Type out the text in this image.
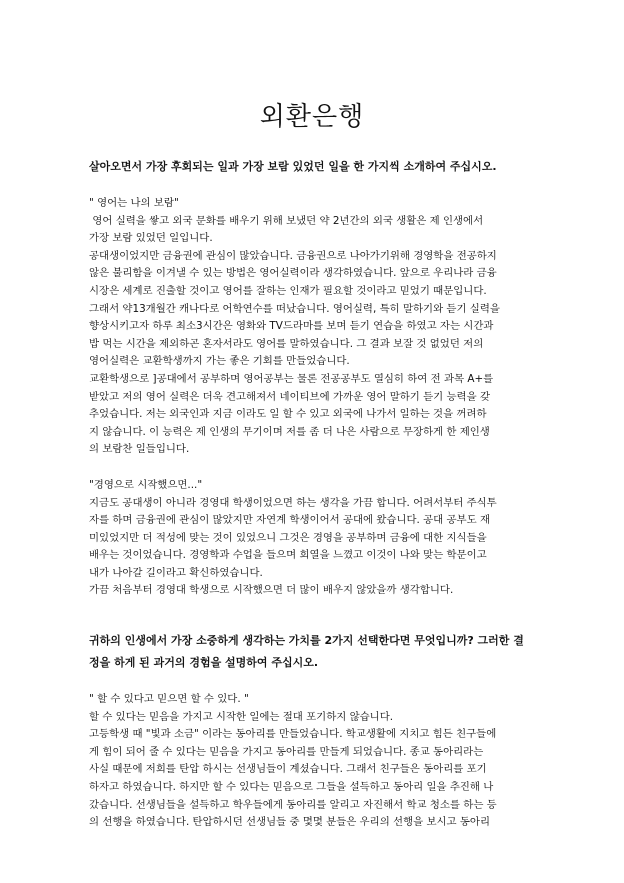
외환은행

살아오면서 가장 후회되는 일과 가장 보람 있었던 일을 한 가지씩 소개하여 주십시오.

" 영어는 나의 보람"

영어 실력을 쌓고 외국 문화를 배우기 위해 보냈던 약 2년간의 외국 생활은 제 인생에서

가장 보람 있었던 일입니다.

공대생이었지만 금융권에 관심이 많았습니다. 금융권으로 나아가기위해 경영학을 전공하지

않은 불리함을 이겨낼 수 있는 방법은 영어실력이라 생각하였습니다. 앞으로 우리나라 금융

시장은 세계로 진출할 것이고 영어를 잘하는 인재가 필요할 것이라고 믿었기 때문입니다.

그래서 약13개월간 캐나다로 어학연수를 떠났습니다. 영어실력, 특히 말하기와 듣기 실력을

향상시키고자 하루 최소3시간은 영화와 TV드라마를 보며 듣기 연습을 하였고 자는 시간과

밥 먹는 시간을 제외하곤 혼자서라도 영어를 말하였습니다. 그 결과 보잘 것 없었던 저의

영어실력은 교환학생까지 가는 좋은 기회를 만들었습니다.

교환학생으로 ]공대에서 공부하며 영어공부는 물론 전공공부도 열심히 하여 전 과목 A+를

받았고 저의 영어 실력은 더욱 견고해져서 네이티브에 가까운 영어 말하기 듣기 능력을 갖

추었습니다. 저는 외국인과 지금 이라도 일 할 수 있고 외국에 나가서 일하는 것을 꺼려하

지 않습니다. 이 능력은 제 인생의 무기이며 저를 좀 더 나은 사람으로 무장하게 한 제인생

의 보람찬 일들입니다.

"경영으로 시작했으면..."

지금도 공대생이 아니라 경영대 학생이었으면 하는 생각을 가끔 합니다. 어려서부터 주식투

자를 하며 금융권에 관심이 많았지만 자연계 학생이어서 공대에 왔습니다. 공대 공부도 재

미있었지만 더 적성에 맞는 것이 있었으니 그것은 경영을 공부하며 금융에 대한 지식들을

배우는 것이었습니다. 경영학과 수업을 들으며 희열을 느꼈고 이것이 나와 맞는 학문이고

내가 나아갈 길이라고 확신하였습니다.

가끔 처음부터 경영대 학생으로 시작했으면 더 많이 배우지 않았을까 생각합니다.

귀하의 인생에서 가장 소중하게 생각하는 가치를 2가지 선택한다면 무엇입니까? 그러한 결

정을 하게 된 과거의 경험을 설명하여 주십시오.

" 할 수 있다고 믿으면 할 수 있다. "

할 수 있다는 믿음을 가지고 시작한 일에는 절대 포기하지 않습니다.

고등학생 때 "빛과 소금" 이라는 동아리를 만들었습니다. 학교생활에 지치고 힘든 친구들에

게 힘이 되어 줄 수 있다는 믿음을 가지고 동아리를 만들게 되었습니다. 종교 동아리라는

사실 때문에 저희를 탄압 하시는 선생님들이 계셨습니다. 그래서 친구들은 동아리를 포기

하자고 하였습니다. 하지만 할 수 있다는 믿음으로 그들을 설득하고 동아리 일을 추진해 나

갔습니다. 선생님들을 설득하고 학우들에게 동아리를 알리고 자진해서 학교 청소를 하는 등

의 선행을 하였습니다. 탄압하시던 선생님들 중 몇몇 분들은 우리의 선행을 보시고 동아리
